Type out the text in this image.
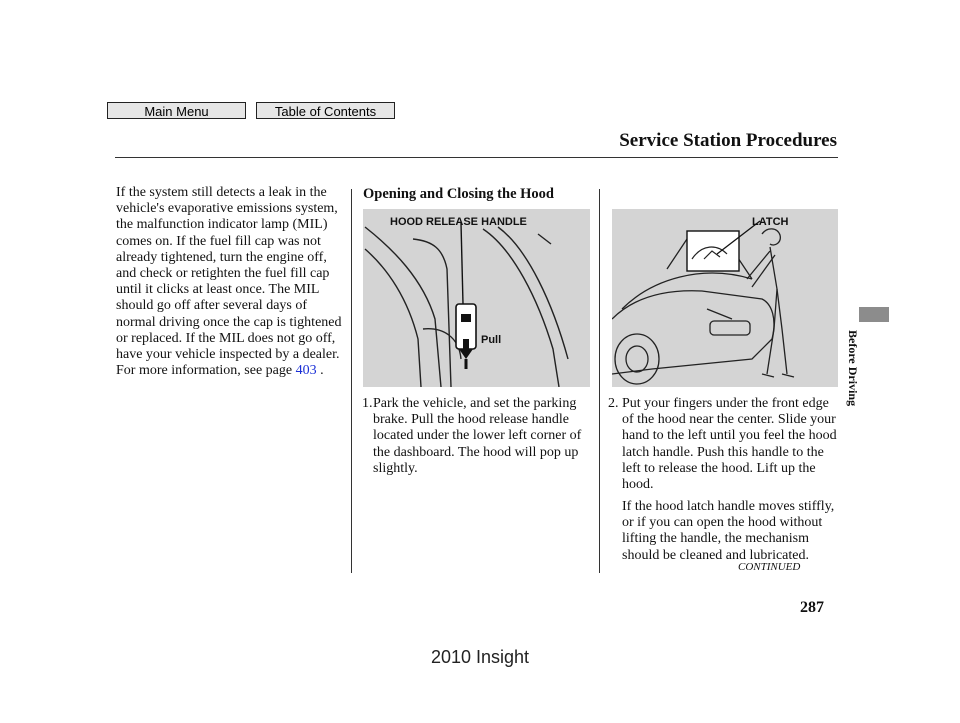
Main Menu	Table of Contents
Service Station Procedures
If the system still detects a leak in the vehicle's evaporative emissions system, the malfunction indicator lamp (MIL) comes on. If the fuel fill cap was not already tightened, turn the engine off, and check or retighten the fuel fill cap until it clicks at least once. The MIL should go off after several days of normal driving once the cap is tightened or replaced. If the MIL does not go off, have your vehicle inspected by a dealer. For more information, see page 403 .
Opening and Closing the Hood
HOOD RELEASE HANDLE
Pull
1. Park the vehicle, and set the parking brake. Pull the hood release handle located under the lower left corner of the dashboard. The hood will pop up slightly.
LATCH
2. Put your fingers under the front edge of the hood near the center. Slide your hand to the left until you feel the hood latch handle. Push this handle to the left to release the hood. Lift up the hood.
If the hood latch handle moves stiffly, or if you can open the hood without lifting the handle, the mechanism should be cleaned and lubricated.
CONTINUED
287
Before Driving
2010 Insight
